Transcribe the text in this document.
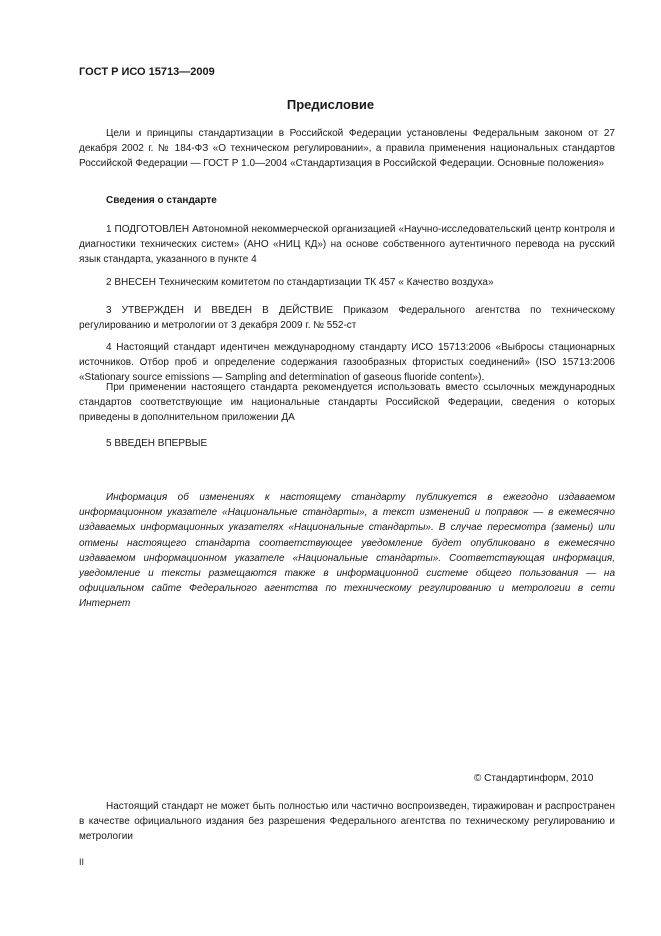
ГОСТ Р ИСО 15713—2009
Предисловие

Цели и принципы стандартизации в Российской Федерации установлены Федеральным законом от 27 декабря 2002 г. № 184-ФЗ «О техническом регулировании», а правила применения национальных стандартов Российской Федерации — ГОСТ Р 1.0—2004 «Стандартизация в Российской Федерации. Основные положения»

Сведения о стандарте

1 ПОДГОТОВЛЕН Автономной некоммерческой организацией «Научно-исследовательский центр контроля и диагностики технических систем» (АНО «НИЦ КД») на основе собственного аутентичного перевода на русский язык стандарта, указанного в пункте 4

2 ВНЕСЕН Техническим комитетом по стандартизации ТК 457 « Качество воздуха»

3 УТВЕРЖДЕН И ВВЕДЕН В ДЕЙСТВИЕ Приказом Федерального агентства по техническому регулированию и метрологии от 3 декабря 2009 г. № 552-ст

4 Настоящий стандарт идентичен международному стандарту ИСО 15713:2006 «Выбросы стационарных источников. Отбор проб и определение содержания газообразных фтористых соединений» (ISO 15713:2006 «Stationary source emissions — Sampling and determination of gaseous fluoride content»).

При применении настоящего стандарта рекомендуется использовать вместо ссылочных международных стандартов соответствующие им национальные стандарты Российской Федерации, сведения о которых приведены в дополнительном приложении ДА

5 ВВЕДЕН ВПЕРВЫЕ

Информация об изменениях к настоящему стандарту публикуется в ежегодно издаваемом информационном указателе «Национальные стандарты», а текст изменений и поправок — в ежемесячно издаваемых информационных указателях «Национальные стандарты». В случае пересмотра (замены) или отмены настоящего стандарта соответствующее уведомление будет опубликовано в ежемесячно издаваемом информационном указателе «Национальные стандарты». Соответствующая информация, уведомление и тексты размещаются также в информационной системе общего пользования — на официальном сайте Федерального агентства по техническому регулированию и метрологии в сети Интернет

© Стандартинформ, 2010

Настоящий стандарт не может быть полностью или частично воспроизведен, тиражирован и распространен в качестве официального издания без разрешения Федерального агентства по техническому регулированию и метрологии

II
